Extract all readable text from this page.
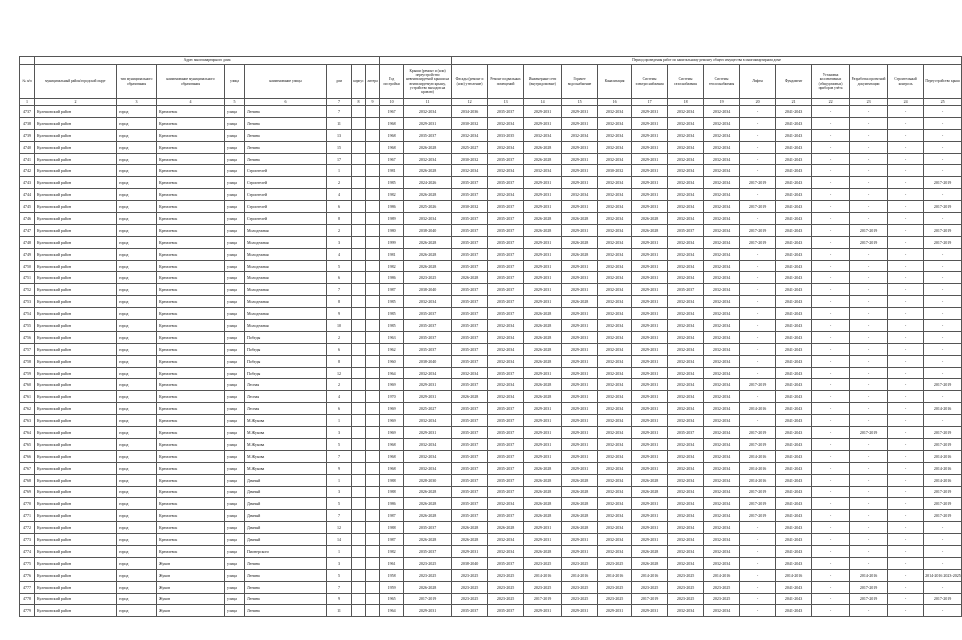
	Адрес многоквартирного дома										Период проведения работ по капитальному ремонту общего имущества в многоквартирном доме													
№ п/п	муниципальный район/городской округ	тип муниципального образования	наименование муниципального образования	улица	наименование улицы	дом	корпус	литера	Год постройки	Крыши (ремонт и (или) переустройство невентилируемой крыши на вентилируемую крышу, устройство выходов на кровлю)	Фасады (ремонт и (или) утепление)	Ремонт подвальных помещений	Инженерные сети (внутридомовые)	Горячее водоснабжение	Канализация	Системы электроснабжения	Системы газоснабжения	Системы теплоснабжения	Лифты	Фундамент	Установка коллективных (общедомовых) приборов учёта	Разработка проектной документации	Строительный контроль	Переустройство крыш
1	2	3	4	5	6	7	8	9	10	11	12	13	14	15	16	17	18	19	20	21	22	23	24	25
4737	Кулешовский район	город	Кремлевск	улица	Ленина	7			1967	2032-2034	2034-2036	2035-2037	2029-2031	2029-2031	2032-2034	2029-2031	2032-2034	2032-2034	-	2041-2043	-	-	-	-
4738	Кулешовский район	город	Кремлевск	улица	Ленина	11			1968	2029-2031	2030-2032	2032-2034	2029-2031	2029-2031	2032-2034	2029-2031	2032-2034	2032-2034	-	2041-2043	-	-	-	-
4739	Кулешовский район	город	Кремлевск	улица	Ленина	13			1968	2035-2037	2032-2034	2033-2035	2032-2034	2032-2034	2032-2034	2029-2031	2032-2034	2032-2034	-	2041-2043	-	-	-	-
4740	Кулешовский район	город	Кремлевск	улица	Ленина	15			1968	2026-2028	2025-2027	2032-2034	2026-2028	2029-2031	2032-2034	2029-2031	2032-2034	2032-2034	-	2041-2043	-	-	-	-
4741	Кулешовский район	город	Кремлевск	улица	Ленина	17			1967	2032-2034	2030-2032	2035-2037	2026-2028	2029-2031	2032-2034	2029-2031	2032-2034	2032-2034	-	2041-2043	-	-	-	-
4742	Кулешовский район	город	Кремлевск	улица	Строителей	1			1981	2026-2028	2032-2034	2032-2034	2032-2034	2029-2031	2030-2032	2029-2031	2032-2034	2032-2034	-	2041-2043	-	-	-	-
4743	Кулешовский район	город	Кремлевск	улица	Строителей	2			1985	2024-2026	2035-2037	2035-2037	2029-2031	2029-2031	2032-2034	2029-2031	2032-2034	2032-2034	2017-2019	2041-2043	-	-	-	2017-2019
4744	Кулешовский район	город	Кремлевск	улица	Строителей	4			1982	2026-2028	2035-2037	2032-2034	2029-2031	2032-2034	2032-2034	2029-2031	2032-2034	2032-2034	-	2041-2043	-	-	-	-
4745	Кулешовский район	город	Кремлевск	улица	Строителей	6			1986	2025-2026	2030-2032	2035-2037	2029-2031	2029-2031	2032-2034	2029-2031	2032-2034	2032-2034	2017-2019	2041-2043	-	-	-	2017-2019
4746	Кулешовский район	город	Кремлевск	улица	Строителей	8			1989	2032-2034	2035-2037	2035-2037	2026-2028	2026-2028	2032-2034	2026-2028	2032-2034	2032-2034	-	2041-2043	-	-	-	-
4747	Кулешовский район	город	Кремлевск	улица	Молодежная	2			1980	2038-2040	2035-2037	2035-2037	2026-2028	2029-2031	2032-2034	2026-2028	2035-2037	2032-2034	2017-2019	2041-2043	-	2017-2019	-	2017-2019
4748	Кулешовский район	город	Кремлевск	улица	Молодежная	3			1999	2026-2028	2035-2037	2035-2037	2029-2031	2026-2028	2032-2034	2029-2031	2032-2034	2032-2034	2017-2019	2041-2043	-	2017-2019	-	2017-2019
4749	Кулешовский район	город	Кремлевск	улица	Молодежная	4			1981	2026-2028	2035-2037	2035-2037	2029-2031	2026-2028	2032-2034	2029-2031	2032-2034	2032-2034	-	2041-2043	-	-	-	-
4750	Кулешовский район	город	Кремлевск	улица	Молодежная	5			1982	2026-2028	2035-2037	2035-2037	2029-2031	2029-2031	2032-2034	2029-2031	2032-2034	2032-2034	-	2041-2043	-	-	-	-
4751	Кулешовский район	город	Кремлевск	улица	Молодежная	6			1986	2023-2025	2026-2028	2035-2037	2029-2031	2029-2031	2032-2034	2029-2031	2032-2034	2032-2034	-	2041-2043	-	-	-	-
4752	Кулешовский район	город	Кремлевск	улица	Молодежная	7			1987	2038-2040	2035-2037	2035-2037	2029-2031	2029-2031	2032-2034	2029-2031	2035-2037	2032-2034	-	2041-2043	-	-	-	-
4753	Кулешовский район	город	Кремлевск	улица	Молодежная	8			1985	2032-2034	2035-2037	2035-2037	2029-2031	2026-2028	2032-2034	2029-2031	2032-2034	2032-2034	-	2041-2043	-	-	-	-
4754	Кулешовский район	город	Кремлевск	улица	Молодежная	9			1985	2035-2037	2035-2037	2035-2037	2026-2028	2029-2031	2032-2034	2029-2031	2032-2034	2032-2034	-	2041-2043	-	-	-	-
4755	Кулешовский район	город	Кремлевск	улица	Молодежная	10			1985	2035-2037	2035-2037	2032-2034	2026-2028	2029-2031	2032-2034	2029-2031	2032-2034	2032-2034	-	2041-2043	-	-	-	-
4756	Кулешовский район	город	Кремлевск	улица	Победы	2			1963	2035-2037	2035-2037	2032-2034	2026-2028	2029-2031	2032-2034	2029-2031	2032-2034	2032-2034	-	2041-2043	-	-	-	-
4757	Кулешовский район	город	Кремлевск	улица	Победы	6			1962	2035-2037	2035-2037	2032-2034	2026-2028	2029-2031	2032-2034	2029-2031	2032-2034	2032-2034	-	2041-2043	-	-	-	-
4758	Кулешовский район	город	Кремлевск	улица	Победы	8			1960	2038-2040	2035-2037	2032-2034	2026-2028	2029-2031	2032-2034	2029-2031	2032-2034	2032-2034	-	2041-2043	-	-	-	-
4759	Кулешовский район	город	Кремлевск	улица	Победы	12			1964	2032-2034	2032-2034	2035-2037	2029-2031	2029-2031	2032-2034	2029-2031	2032-2034	2032-2034	-	2041-2043	-	-	-	-
4760	Кулешовский район	город	Кремлевск	улица	Лесная	2			1969	2029-2031	2035-2037	2032-2034	2026-2028	2029-2031	2032-2034	2029-2031	2032-2034	2032-2034	2017-2019	2041-2043	-	-	-	2017-2019
4761	Кулешовский район	город	Кремлевск	улица	Лесная	4			1970	2029-2031	2026-2028	2032-2034	2026-2028	2029-2031	2032-2034	2029-2031	2032-2034	2032-2034	-	2041-2043	-	-	-	-
4762	Кулешовский район	город	Кремлевск	улица	Лесная	6			1969	2025-2027	2035-2037	2035-2037	2029-2031	2029-2031	2032-2034	2029-2031	2032-2034	2032-2034	2014-2016	2041-2043	-	-	-	2014-2016
4763	Кулешовский район	город	Кремлевск	улица	М.Жукова	1			1969	2032-2034	2035-2037	2035-2037	2029-2031	2029-2031	2032-2034	2029-2031	2032-2034	2032-2034	-	2041-2043	-	-	-	-
4764	Кулешовский район	город	Кремлевск	улица	М.Жукова	3			1969	2029-2031	2035-2037	2035-2037	2029-2031	2029-2031	2032-2034	2029-2031	2035-2037	2032-2034	2017-2019	2041-2043	-	2017-2019	-	2017-2019
4765	Кулешовский район	город	Кремлевск	улица	М.Жукова	5			1968	2032-2034	2035-2037	2035-2037	2029-2031	2029-2031	2032-2034	2029-2031	2032-2034	2032-2034	2017-2019	2041-2043	-	-	-	2017-2019
4766	Кулешовский район	город	Кремлевск	улица	М.Жукова	7			1968	2032-2034	2035-2037	2035-2037	2029-2031	2029-2031	2032-2034	2029-2031	2032-2034	2032-2034	2014-2016	2041-2043	-	-	-	2014-2016
4767	Кулешовский район	город	Кремлевск	улица	М.Жукова	9			1968	2032-2034	2035-2037	2035-2037	2026-2028	2029-2031	2032-2034	2029-2031	2032-2034	2032-2034	2014-2016	2041-2043	-	-	-	2014-2016
4768	Кулешовский район	город	Кремлевск	улица	Дачный	1			1988	2028-2030	2035-2037	2035-2037	2026-2028	2026-2028	2032-2034	2026-2028	2032-2034	2032-2034	2014-2016	2041-2043	-	-	-	2014-2016
4769	Кулешовский район	город	Кремлевск	улица	Дачный	3			1988	2026-2028	2035-2037	2035-2037	2026-2028	2026-2028	2032-2034	2026-2028	2032-2034	2032-2034	2017-2019	2041-2043	-	-	-	2017-2019
4770	Кулешовский район	город	Кремлевск	улица	Дачный	5			1986	2026-2028	2035-2037	2032-2034	2026-2028	2026-2028	2032-2034	2029-2031	2032-2034	2032-2034	2017-2019	2041-2043	-	-	-	2017-2019
4771	Кулешовский район	город	Кремлевск	улица	Дачный	7			1987	2026-2028	2035-2037	2035-2037	2026-2028	2026-2028	2032-2034	2029-2031	2032-2034	2032-2034	2017-2019	2041-2043	-	-	-	2017-2019
4772	Кулешовский район	город	Кремлевск	улица	Дачный	12			1988	2035-2037	2026-2028	2026-2028	2029-2031	2026-2028	2032-2034	2029-2031	2032-2034	2032-2034	-	2041-2043	-	-	-	-
4773	Кулешовский район	город	Кремлевск	улица	Дачный	14			1987	2026-2028	2026-2028	2032-2034	2029-2031	2029-2031	2032-2034	2029-2031	2032-2034	2032-2034	-	2041-2043	-	-	-	-
4774	Кулешовский район	город	Кремлевск	улица	Пионерского	1			1982	2035-2037	2029-2031	2032-2034	2026-2028	2029-2031	2032-2034	2026-2028	2032-2034	2032-2034	-	2041-2043	-	-	-	-
4775	Кулешовский район	город	Жуков	улица	Ленина	3			1961	2023-2025	2038-2040	2035-2037	2023-2025	2023-2025	2023-2025	2026-2028	2032-2034	2032-2034	-	2041-2043	-	-	-	-
4776	Кулешовский район	город	Жуков	улица	Ленина	5			1958	2023-2025	2023-2025	2023-2025	2014-2016	2014-2016	2014-2016	2014-2016	2023-2025	2014-2016	-	2014-2016	-	2014-2016	-	2014-2016 2023-2025
4777	Кулешовский район	город	Жуков	улица	Ленина	7			1959	2026-2028	2023-2025	2023-2025	2023-2025	2023-2025	2023-2025	2023-2025	2023-2025	2023-2025	-	2041-2043	-	2017-2019	-	-
4778	Кулешовский район	город	Жуков	улица	Ленина	9			1965	2017-2019	2023-2025	2023-2025	2017-2019	2023-2025	2023-2025	2017-2019	2023-2025	2023-2025	-	2041-2043	-	2017-2019	-	2017-2019
4779	Кулешовский район	город	Жуков	улица	Ленина	11			1964	2029-2031	2035-2037	2035-2037	2029-2031	2029-2031	2029-2031	2029-2031	2032-2034	2032-2034	-	2041-2043	-	-	-	-
